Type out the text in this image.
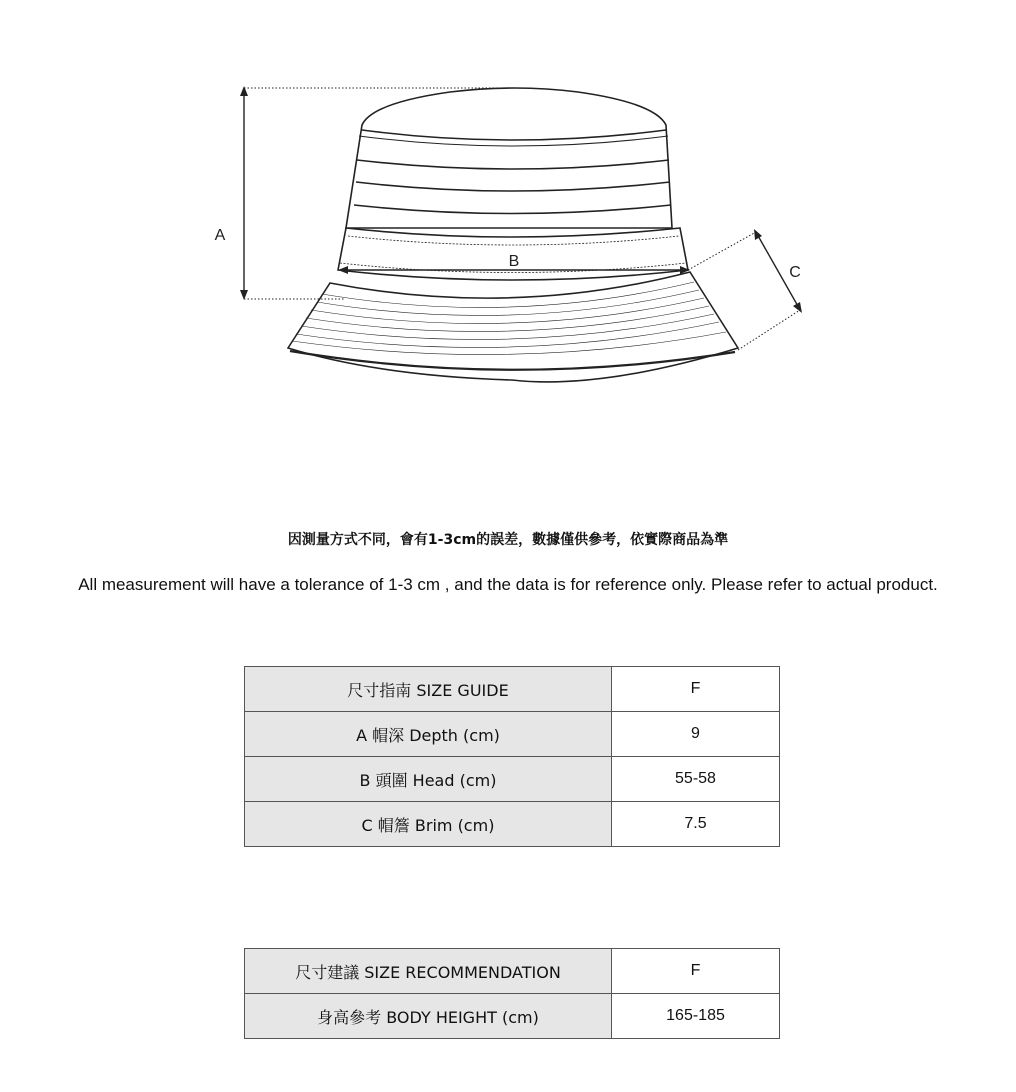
A
B
C
因測量方式不同，會有1-3cm的誤差，數據僅供參考，依實際商品為準
All measurement will have a tolerance of 1-3 cm , and the data is for reference only. Please refer to actual product.
尺寸指南 SIZE GUIDE	F
A 帽深 Depth (cm)	9
B 頭圍 Head (cm)	55-58
C 帽簷 Brim (cm)	7.5
尺寸建議 SIZE RECOMMENDATION	F
身高參考 BODY HEIGHT (cm)	165-185
